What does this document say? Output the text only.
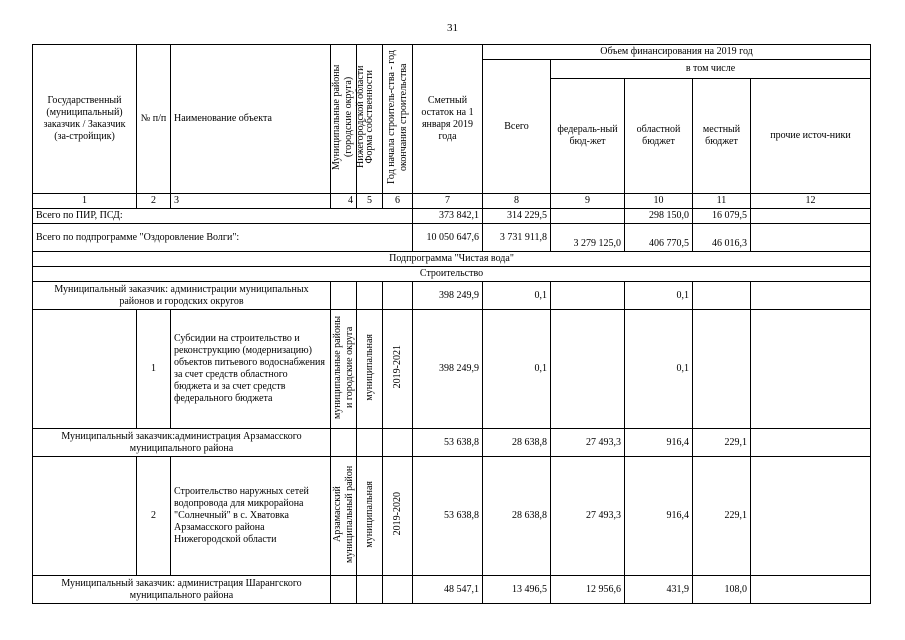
31
Государственный (муниципальный) заказчик / Заказчик (за-стройщик)	№ п/п	Наименование объекта	Муниципальные районы (городские округа) Нижегородской области	Форма собственности	Год начала строитель-ства - год окончания строительства	Сметный остаток на 1 января 2019 года	Объем финансирования на 2019 год				
							Всего	в том числе			
								федераль-ный бюд-жет	областной бюджет	местный бюджет	прочие источ-ники
1	2	3	4	5	6	7	8	9	10	11	12
Всего по ПИР, ПСД:						373 842,1	314 229,5		298 150,0	16 079,5	
Всего по подпрограмме "Оздоровление Волги":						10 050 647,6	3 731 911,8	3 279 125,0	406 770,5	46 016,3	
Подпрограмма "Чистая вода"											
Строительство											
Муниципальный заказчик: администрации муниципальных районов и городских округов						398 249,9	0,1		0,1		
	1	Субсидии на строительство и реконструкцию (модернизацию) объектов питьевого водоснабжения за счет средств областного бюджета и за счет средств федерального бюджета	муниципальные районы и городские округа	муниципальная	2019-2021	398 249,9	0,1		0,1		
Муниципальный заказчик:администрация Арзамасского муниципального района						53 638,8	28 638,8	27 493,3	916,4	229,1	
	2	Строительство наружных сетей водопровода для микрорайона "Солнечный" в с. Хватовка Арзамасского района Нижегородской области	Арзамасский муниципальный район	муниципальная	2019-2020	53 638,8	28 638,8	27 493,3	916,4	229,1	
Муниципальный заказчик: администрация Шарангского муниципального района						48 547,1	13 496,5	12 956,6	431,9	108,0	
